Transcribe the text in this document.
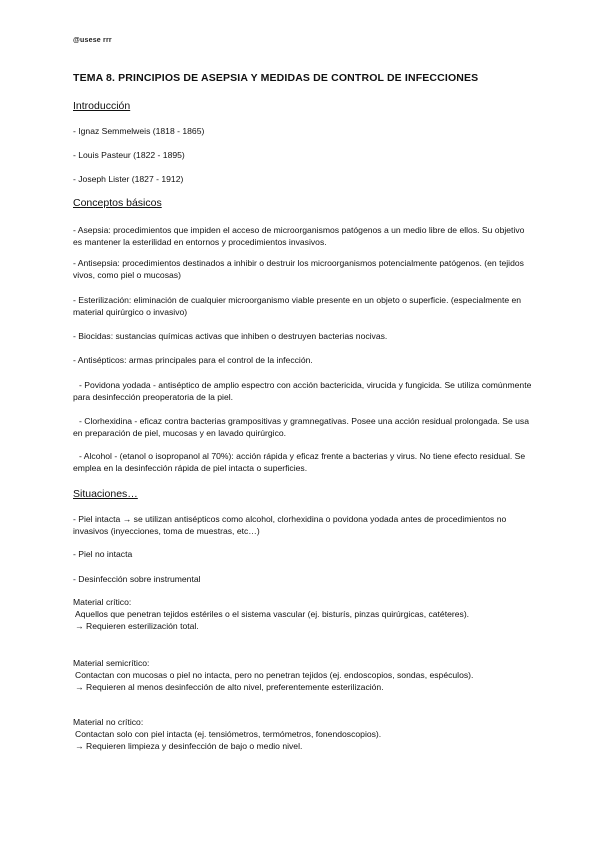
@usese rrr
TEMA 8. PRINCIPIOS DE ASEPSIA Y MEDIDAS DE CONTROL DE INFECCIONES
Introducción
- Ignaz Semmelweis (1818 - 1865)
- Louis Pasteur (1822 - 1895)
- Joseph Lister (1827 - 1912)
Conceptos básicos
- Asepsia: procedimientos que impiden el acceso de microorganismos patógenos a un medio libre de ellos. Su objetivo es mantener la esterilidad en entornos y procedimientos invasivos.
- Antisepsia: procedimientos destinados a inhibir o destruir los microorganismos potencialmente patógenos. (en tejidos vivos, como piel o mucosas)
- Esterilización: eliminación de cualquier microorganismo viable presente en un objeto o superficie. (especialmente en material quirúrgico o invasivo)
- Biocidas: sustancias químicas activas que inhiben o destruyen bacterias nocivas.
- Antisépticos: armas principales para el control de la infección.
- Povidona yodada - antiséptico de amplio espectro con acción bactericida, virucida y fungicida. Se utiliza comúnmente para desinfección preoperatoria de la piel.
- Clorhexidina - eficaz contra bacterias grampositivas y gramnegativas. Posee una acción residual prolongada. Se usa en preparación de piel, mucosas y en lavado quirúrgico.
- Alcohol - (etanol o isopropanol al 70%): acción rápida y eficaz frente a bacterias y virus. No tiene efecto residual. Se emplea en la desinfección rápida de piel intacta o superficies.
Situaciones…
- Piel intacta → se utilizan antisépticos como alcohol, clorhexidina o povidona yodada antes de procedimientos no invasivos (inyecciones, toma de muestras, etc…)
- Piel no intacta
- Desinfección sobre instrumental
Material crítico:
Aquellos que penetran tejidos estériles o el sistema vascular (ej. bisturís, pinzas quirúrgicas, catéteres).
→ Requieren esterilización total.
Material semicrítico:
Contactan con mucosas o piel no intacta, pero no penetran tejidos (ej. endoscopios, sondas, espéculos).
→ Requieren al menos desinfección de alto nivel, preferentemente esterilización.
Material no crítico:
Contactan solo con piel intacta (ej. tensiómetros, termómetros, fonendoscopios).
→ Requieren limpieza y desinfección de bajo o medio nivel.
